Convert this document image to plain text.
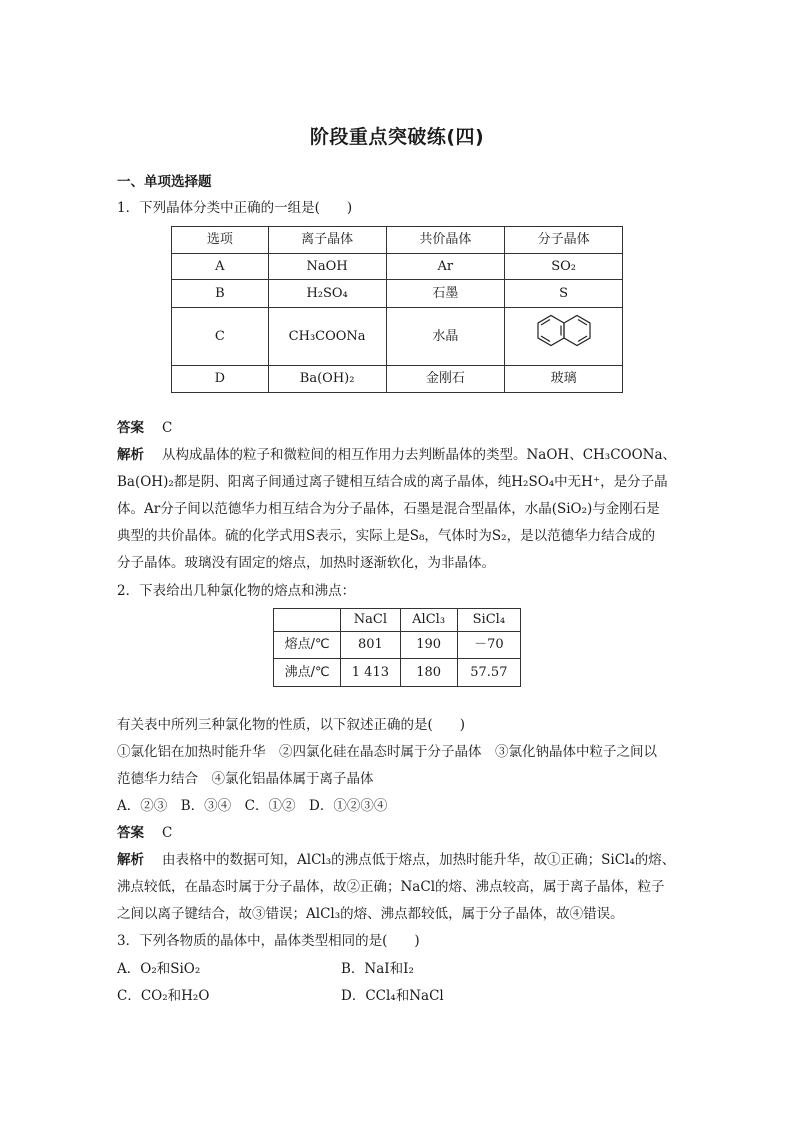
阶段重点突破练(四)
一、单项选择题
1．下列晶体分类中正确的一组是(　　)
选项	离子晶体	共价晶体	分子晶体
A	NaOH	Ar	SO₂
B	H₂SO₄	石墨	S
C	CH₃COONa	水晶	

D	Ba(OH)₂	金刚石	玻璃
答案 C
解析 从构成晶体的粒子和微粒间的相互作用力去判断晶体的类型。NaOH、CH₃COONa、
Ba(OH)₂都是阴、阳离子间通过离子键相互结合成的离子晶体，纯H₂SO₄中无H⁺，是分子晶
体。Ar分子间以范德华力相互结合为分子晶体，石墨是混合型晶体，水晶(SiO₂)与金刚石是
典型的共价晶体。硫的化学式用S表示，实际上是S₈，气体时为S₂，是以范德华力结合成的
分子晶体。玻璃没有固定的熔点，加热时逐渐软化，为非晶体。
2．下表给出几种氯化物的熔点和沸点：
	NaCl	AlCl₃	SiCl₄
熔点/℃	801	190	－70
沸点/℃	1 413	180	57.57
有关表中所列三种氯化物的性质，以下叙述正确的是(　　)
①氯化铝在加热时能升华　②四氯化硅在晶态时属于分子晶体　③氯化钠晶体中粒子之间以
范德华力结合　④氯化铝晶体属于离子晶体
A．②③　B．③④　C．①②　D．①②③④
答案 C
解析 由表格中的数据可知，AlCl₃的沸点低于熔点，加热时能升华，故①正确；SiCl₄的熔、
沸点较低，在晶态时属于分子晶体，故②正确；NaCl的熔、沸点较高，属于离子晶体，粒子
之间以离子键结合，故③错误；AlCl₃的熔、沸点都较低，属于分子晶体，故④错误。
3．下列各物质的晶体中，晶体类型相同的是(　　)
A．O₂和SiO₂	B．NaI和I₂
C．CO₂和H₂O	D．CCl₄和NaCl
